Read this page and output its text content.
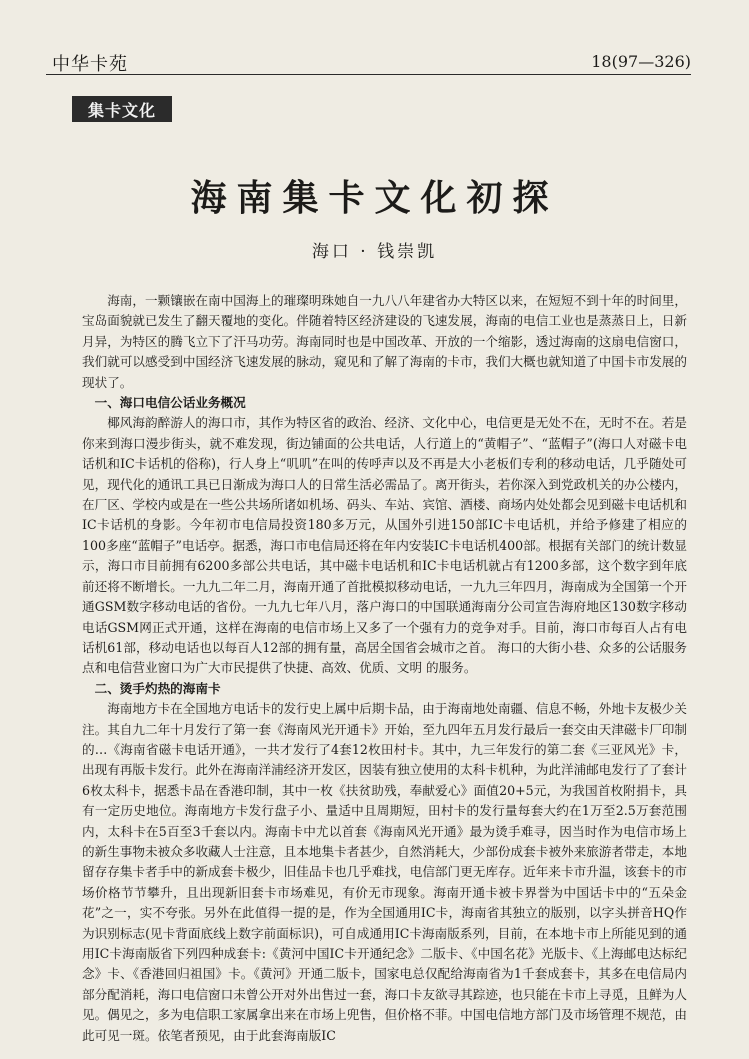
中华卡苑	18(97—326)
集卡文化
海南集卡文化初探
海口 · 钱崇凯

海南，一颗镶嵌在南中国海上的璀璨明珠她自一九八八年建省办大特区以来，在短短不到十年的时间里，宝岛面貌就已发生了翻天覆地的变化。伴随着特区经济建设的飞速发展，海南的电信工业也是蒸蒸日上，日新月异，为特区的腾飞立下了汗马功劳。海南同时也是中国改革、开放的一个缩影，透过海南的这扇电信窗口，我们就可以感受到中国经济飞速发展的脉动，窥见和了解了海南的卡市，我们大概也就知道了中国卡市发展的现状了。

一、海口电信公话业务概况

椰风海韵醉游人的海口市，其作为特区省的政治、经济、文化中心，电信更是无处不在，无时不在。若是你来到海口漫步街头，就不难发现，街边铺面的公共电话，人行道上的“黄帽子”、“蓝帽子”(海口人对磁卡电话机和IC卡话机的俗称)，行人身上“叽叽”在叫的传呼声以及不再是大小老板们专利的移动电话，几乎随处可见，现代化的通讯工具已日渐成为海口人的日常生活必需品了。离开街头，若你深入到党政机关的办公楼内，在厂区、学校内或是在一些公共场所诸如机场、码头、车站、宾馆、酒楼、商场内处处都会见到磁卡电话机和IC卡话机的身影。今年初市电信局投资180多万元，从国外引进150部IC卡电话机，并给予修建了相应的100多座“蓝帽子”电话亭。据悉，海口市电信局还将在年内安装IC卡电话机400部。根据有关部门的统计数显示，海口市目前拥有6200多部公共电话，其中磁卡电话机和IC卡电话机就占有1200多部，这个数字到年底前还将不断增长。一九九二年二月，海南开通了首批模拟移动电话，一九九三年四月，海南成为全国第一个开通GSM数字移动电话的省份。一九九七年八月，落户海口的中国联通海南分公司宣告海府地区130数字移动电话GSM网正式开通，这样在海南的电信市场上又多了一个强有力的竞争对手。目前，海口市每百人占有电话机61部，移动电话也以每百人12部的拥有量，高居全国省会城市之首。 海口的大街小巷、众多的公话服务点和电信营业窗口为广大市民提供了快捷、高效、优质、文明 的服务。

二、烫手灼热的海南卡

海南地方卡在全国地方电话卡的发行史上属中后期卡品，由于海南地处南疆、信息不畅，外地卡友极少关注。其自九二年十月发行了第一套《海南风光开通卡》开始，至九四年五月发行最后一套交由天津磁卡厂印制的…《海南省磁卡电话开通》，一共才发行了4套12枚田村卡。其中，九三年发行的第二套《三亚风光》卡，出现有再版卡发行。此外在海南洋浦经济开发区，因装有独立使用的太科卡机种，为此洋浦邮电发行了了套计6枚太科卡，据悉卡品在香港印制，其中一枚《扶贫助残，奉献爱心》面值20+5元，为我国首枚附捐卡，具有一定历史地位。海南地方卡发行盘子小、量适中且周期短，田村卡的发行量每套大约在1万至2.5万套范围内，太科卡在5百至3千套以内。海南卡中尤以首套《海南风光开通》最为烫手难寻，因当时作为电信市场上的新生事物未被众多收藏人士注意，且本地集卡者甚少，自然消耗大，少部份成套卡被外来旅游者带走，本地留存存集卡者手中的新成套卡极少，旧佳品卡也几乎难找，电信部门更无库存。近年来卡市升温，该套卡的市场价格节节攀升，且出现新旧套卡市场难见，有价无市现象。海南开通卡被卡界誉为中国话卡中的“五朵金花”之一，实不夸张。另外在此值得一提的是，作为全国通用IC卡，海南省其独立的版别，以字头拼音HQ作为识别标志(见卡背面底线上数字前面标识)，可自成通用IC卡海南版系列，目前，在本地卡市上所能见到的通用IC卡海南版省下列四种成套卡:《黄河中国IC卡开通纪念》二版卡、《中国名花》光版卡、《上海邮电达标纪念》卡、《香港回归祖国》卡。《黄河》开通二版卡，国家电总仅配给海南省为1千套成套卡，其多在电信局内部分配消耗，海口电信窗口未曾公开对外出售过一套，海口卡友欲寻其踪迹，也只能在卡市上寻觅，且鲜为人见。偶见之，多为电信职工家属拿出来在市场上兜售，但价格不菲。中国电信地方部门及市场管理不规范，由此可见一斑。依笔者预见，由于此套海南版IC
